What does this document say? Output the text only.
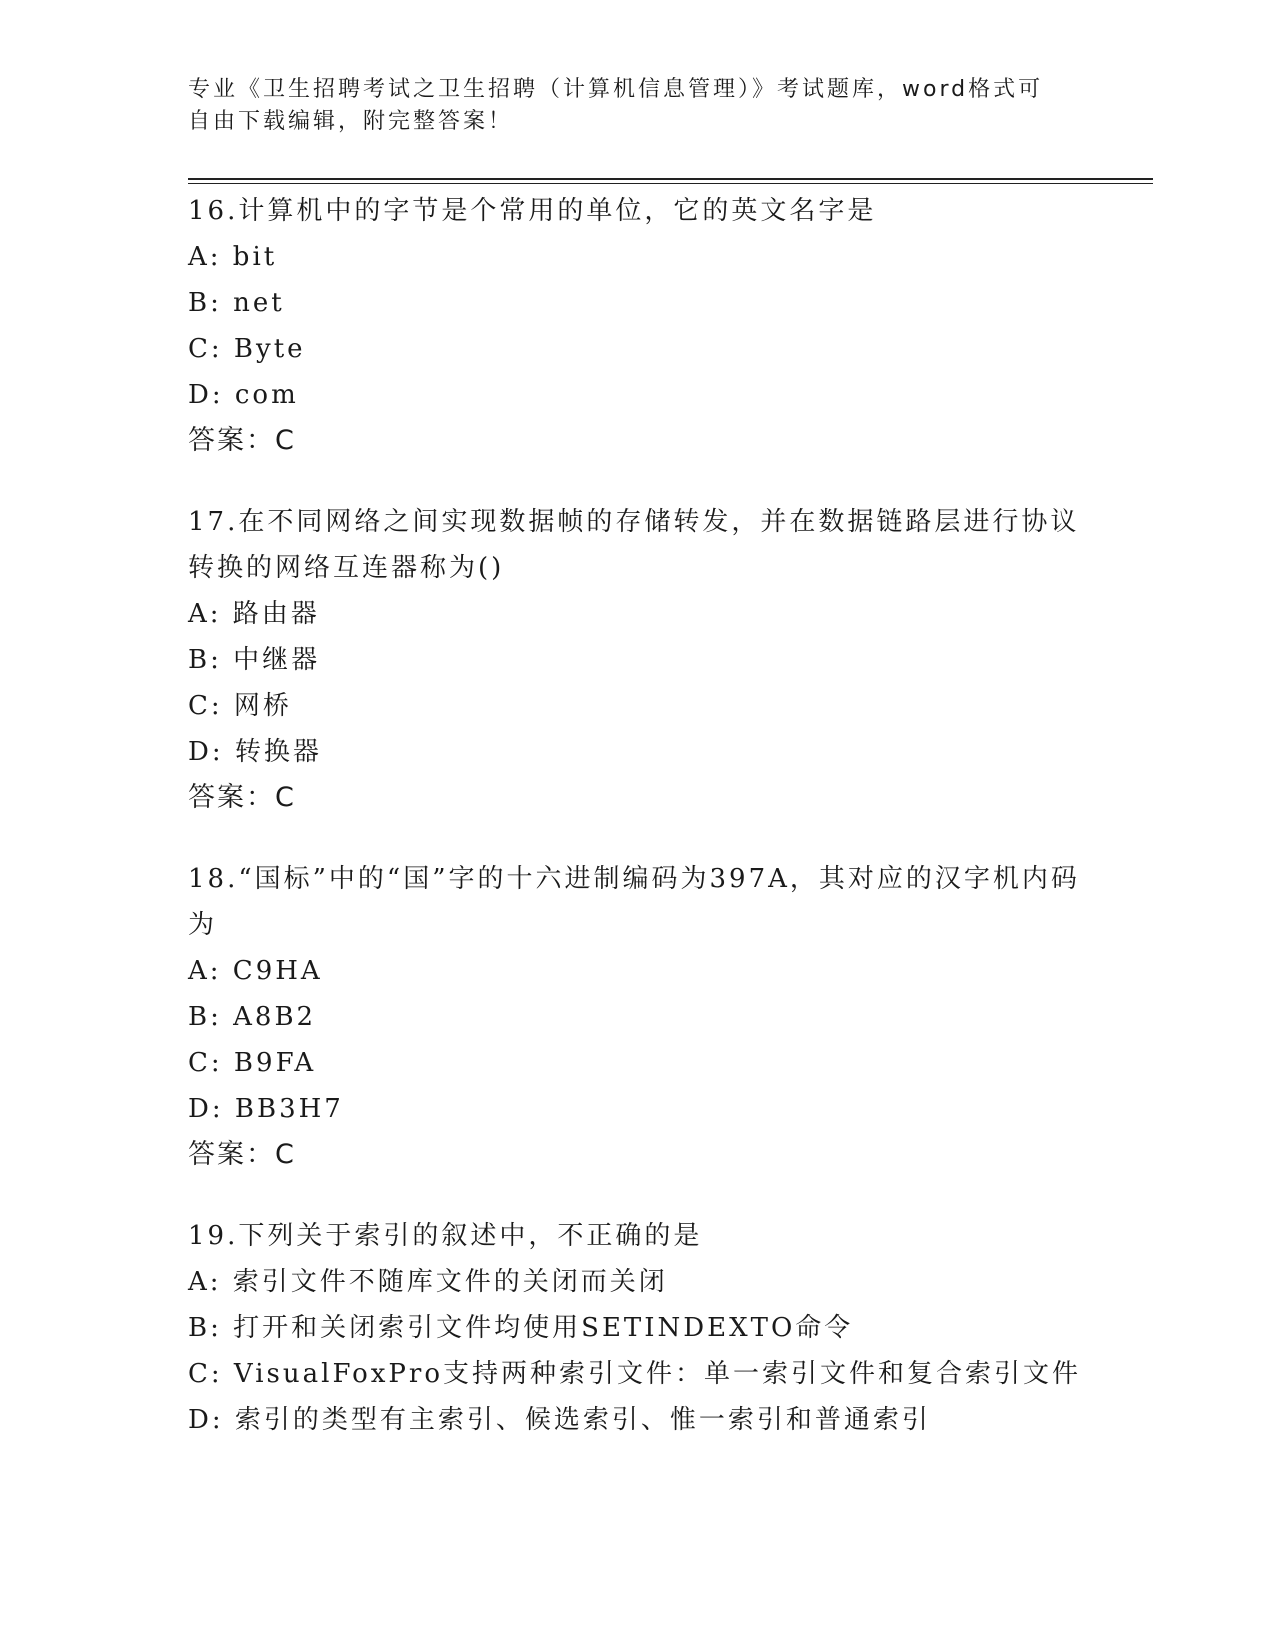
专业《卫生招聘考试之卫生招聘（计算机信息管理）》考试题库，word格式可自由下载编辑，附完整答案！
16.计算机中的字节是个常用的单位，它的英文名字是
A: bit
B: net
C: Byte
D: com
答案：C
17.在不同网络之间实现数据帧的存储转发，并在数据链路层进行协议转换的网络互连器称为()
A: 路由器
B: 中继器
C: 网桥
D: 转换器
答案：C
18.“国标”中的“国”字的十六进制编码为397A，其对应的汉字机内码为
A: C9HA
B: A8B2
C: B9FA
D: BB3H7
答案：C
19.下列关于索引的叙述中，不正确的是
A: 索引文件不随库文件的关闭而关闭
B: 打开和关闭索引文件均使用SETINDEXTO命令
C: VisualFoxPro支持两种索引文件：单一索引文件和复合索引文件
D: 索引的类型有主索引、候选索引、惟一索引和普通索引
